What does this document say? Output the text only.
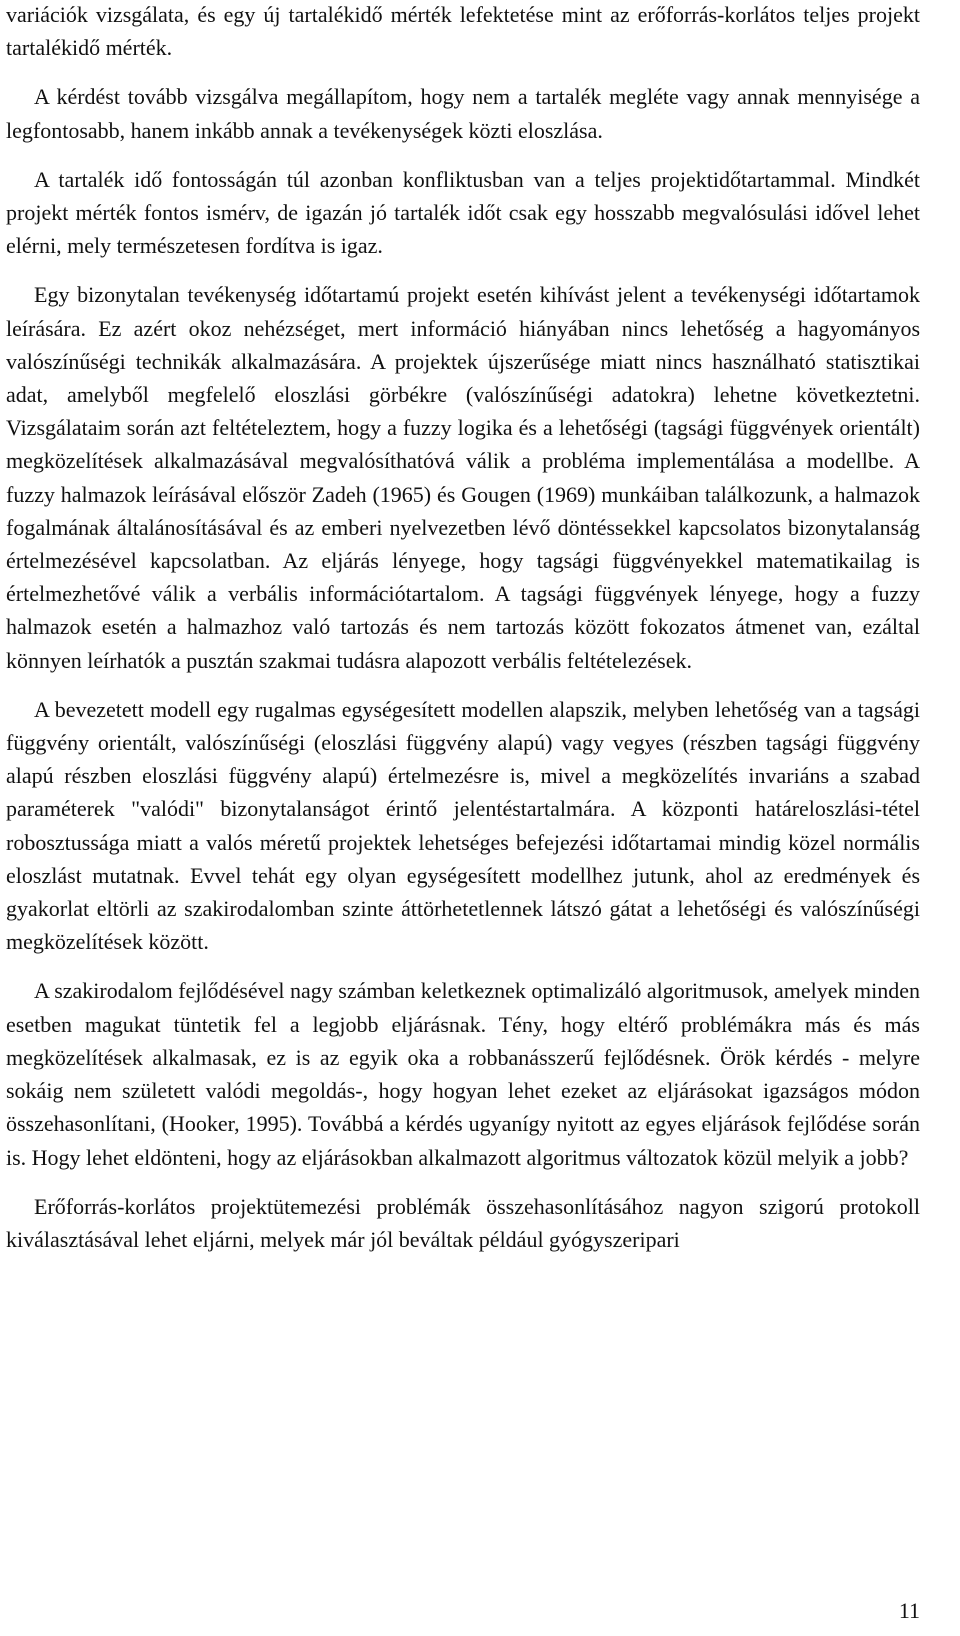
variációk vizsgálata, és egy új tartalékidő mérték lefektetése mint az erőforrás-korlátos teljes projekt tartalékidő mérték.

A kérdést tovább vizsgálva megállapítom, hogy nem a tartalék megléte vagy annak mennyisége a legfontosabb, hanem inkább annak a tevékenységek közti eloszlása.

A tartalék idő fontosságán túl azonban konfliktusban van a teljes projektidőtartammal. Mindkét projekt mérték fontos ismérv, de igazán jó tartalék időt csak egy hosszabb megvalósulási idővel lehet elérni, mely természetesen fordítva is igaz.

Egy bizonytalan tevékenység időtartamú projekt esetén kihívást jelent a tevékenységi időtartamok leírására. Ez azért okoz nehézséget, mert információ hiányában nincs lehetőség a hagyományos valószínűségi technikák alkalmazására. A projektek újszerűsége miatt nincs használható statisztikai adat, amelyből megfelelő eloszlási görbékre (valószínűségi adatokra) lehetne következtetni. Vizsgálataim során azt feltételeztem, hogy a fuzzy logika és a lehetőségi (tagsági függvények orientált) megközelítések alkalmazásával megvalósíthatóvá válik a probléma implementálása a modellbe. A fuzzy halmazok leírásával először Zadeh (1965) és Gougen (1969) munkáiban találkozunk, a halmazok fogalmának általánosításával és az emberi nyelvezetben lévő döntéssekkel kapcsolatos bizonytalanság értelmezésével kapcsolatban. Az eljárás lényege, hogy tagsági függvényekkel matematikailag is értelmezhetővé válik a verbális információtartalom. A tagsági függvények lényege, hogy a fuzzy halmazok esetén a halmazhoz való tartozás és nem tartozás között fokozatos átmenet van, ezáltal könnyen leírhatók a pusztán szakmai tudásra alapozott verbális feltételezések.

A bevezetett modell egy rugalmas egységesített modellen alapszik, melyben lehetőség van a tagsági függvény orientált, valószínűségi (eloszlási függvény alapú) vagy vegyes (részben tagsági függvény alapú részben eloszlási függvény alapú) értelmezésre is, mivel a megközelítés invariáns a szabad paraméterek "valódi" bizonytalanságot érintő jelentéstartalmára. A központi határeloszlási-tétel robosztussága miatt a valós méretű projektek lehetséges befejezési időtartamai mindig közel normális eloszlást mutatnak. Evvel tehát egy olyan egységesített modellhez jutunk, ahol az eredmények és gyakorlat eltörli az szakirodalomban szinte áttörhetetlennek látszó gátat a lehetőségi és valószínűségi megközelítések között.

A szakirodalom fejlődésével nagy számban keletkeznek optimalizáló algoritmusok, amelyek minden esetben magukat tüntetik fel a legjobb eljárásnak. Tény, hogy eltérő problémákra más és más megközelítések alkalmasak, ez is az egyik oka a robbanásszerű fejlődésnek. Örök kérdés - melyre sokáig nem született valódi megoldás-, hogy hogyan lehet ezeket az eljárásokat igazságos módon összehasonlítani, (Hooker, 1995). Továbbá a kérdés ugyanígy nyitott az egyes eljárások fejlődése során is. Hogy lehet eldönteni, hogy az eljárásokban alkalmazott algoritmus változatok közül melyik a jobb?

Erőforrás-korlátos projektütemezési problémák összehasonlításához nagyon szigorú protokoll kiválasztásával lehet eljárni, melyek már jól beváltak például gyógyszeripari

11
